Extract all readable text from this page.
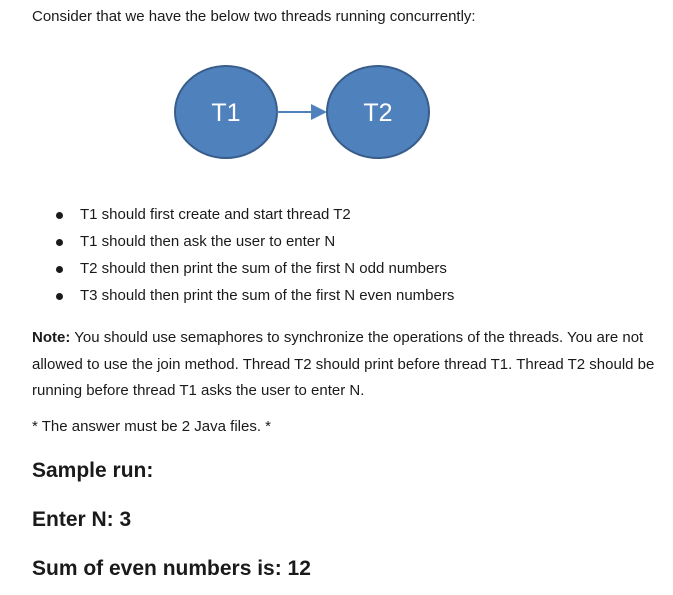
Consider that we have the below two threads running concurrently:

T1	T2
T1 should first create and start thread T2
T1 should then ask the user to enter N
T2 should then print the sum of the first N odd numbers
T3 should then print the sum of the first N even numbers

Note: You should use semaphores to synchronize the operations of the threads. You are not allowed to use the join method. Thread T2 should print before thread T1. Thread T2 should be running before thread T1 asks the user to enter N.

* The answer must be 2 Java files. *

Sample run:

Enter N: 3

Sum of even numbers is: 12
